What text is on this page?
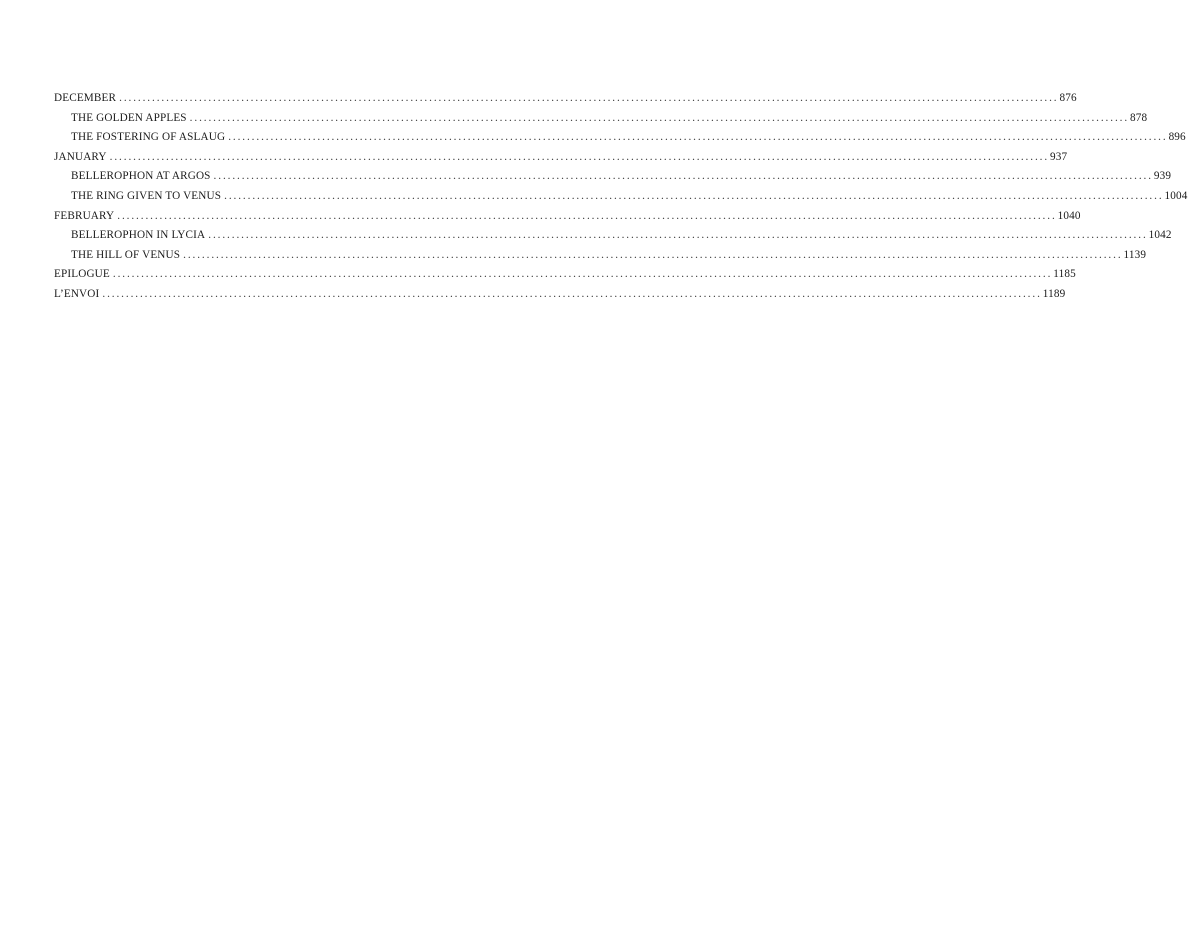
DECEMBER ........................................................................................................................................................................................................ 876
THE GOLDEN APPLES ........................................................................................................................................................................................................ 878
THE FOSTERING OF ASLAUG ........................................................................................................................................................................................................ 896
JANUARY ........................................................................................................................................................................................................ 937
BELLEROPHON AT ARGOS ........................................................................................................................................................................................................ 939
THE RING GIVEN TO VENUS ........................................................................................................................................................................................................ 1004
FEBRUARY ........................................................................................................................................................................................................ 1040
BELLEROPHON IN LYCIA ........................................................................................................................................................................................................ 1042
THE HILL OF VENUS ........................................................................................................................................................................................................ 1139
EPILOGUE ........................................................................................................................................................................................................ 1185
L’ENVOI ........................................................................................................................................................................................................ 1189
